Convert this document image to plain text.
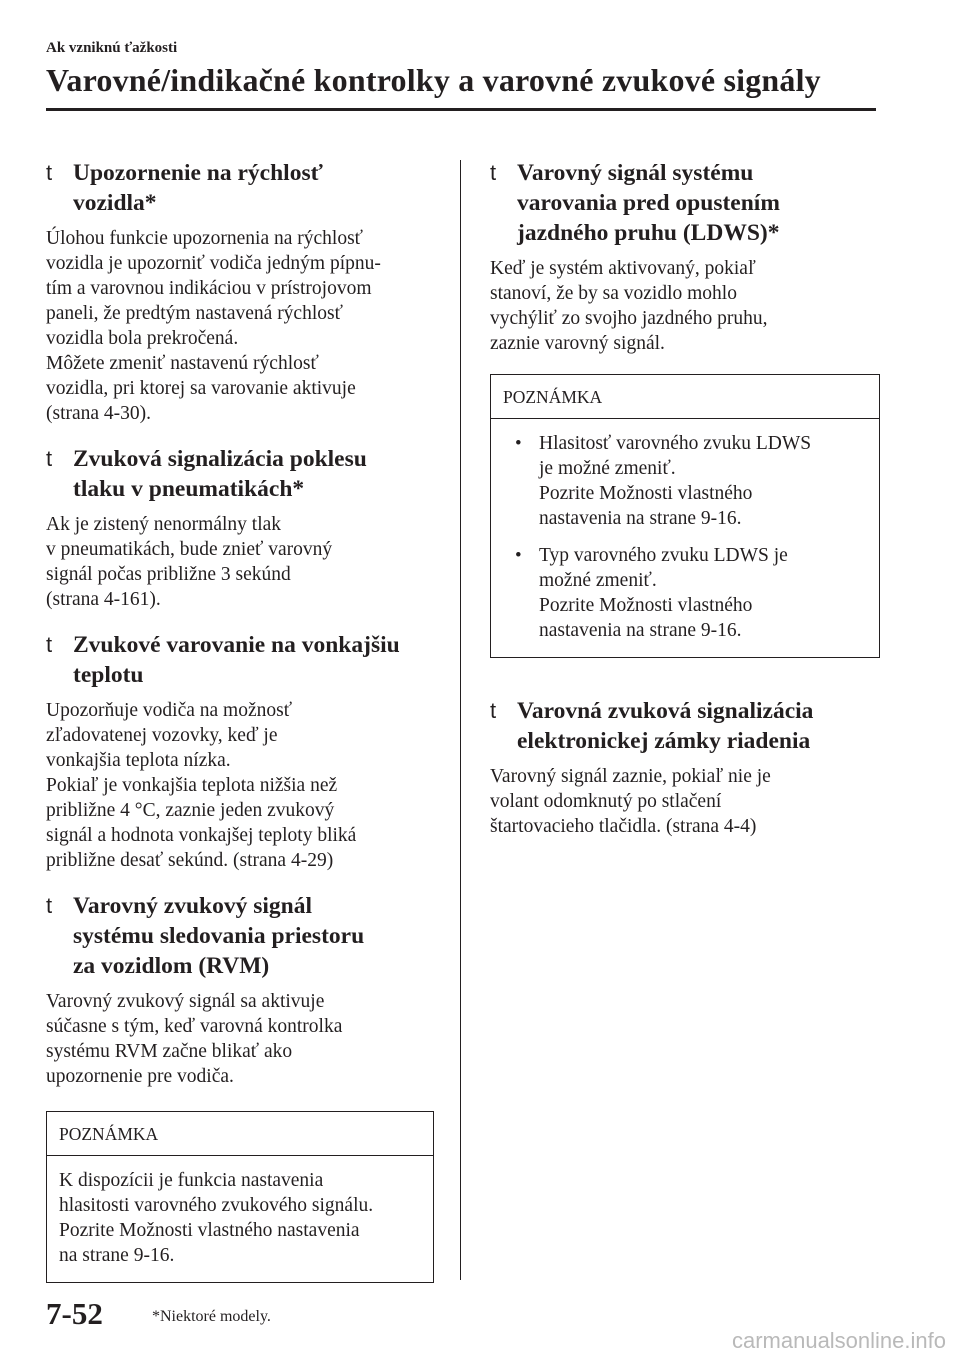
Ak vzniknú ťažkosti
Varovné/indikačné kontrolky a varovné zvukové signály
t Upozornenie na rýchlosť
vozidla*

Úlohou funkcie upozornenia na rýchlosť

vozidla je upozorniť vodiča jedným pípnu-

tím a varovnou indikáciou v prístrojovom

paneli, že predtým nastavená rýchlosť

vozidla bola prekročená.

Môžete zmeniť nastavenú rýchlosť

vozidla, pri ktorej sa varovanie aktivuje

(strana 4-30).

t Zvuková signalizácia poklesu
tlaku v pneumatikách*

Ak je zistený nenormálny tlak

v pneumatikách, bude znieť varovný

signál počas približne 3 sekúnd

(strana 4-161).

t Zvukové varovanie na vonkajšiu
teplotu

Upozorňuje vodiča na možnosť

zľadovatenej vozovky, keď je

vonkajšia teplota nízka.

Pokiaľ je vonkajšia teplota nižšia než

približne 4 °C, zaznie jeden zvukový

signál a hodnota vonkajšej teploty bliká

približne desať sekúnd. (strana 4-29)

t Varovný zvukový signál
systému sledovania priestoru
za vozidlom (RVM)

Varovný zvukový signál sa aktivuje

súčasne s tým, keď varovná kontrolka

systému RVM začne blikať ako

upozornenie pre vodiča.

POZNÁMKA

K dispozícii je funkcia nastavenia

hlasitosti varovného zvukového signálu.

Pozrite Možnosti vlastného nastavenia

na strane 9-16.

t Varovný signál systému
varovania pred opustením
jazdného pruhu (LDWS)*

Keď je systém aktivovaný, pokiaľ

stanoví, že by sa vozidlo mohlo

vychýliť zo svojho jazdného pruhu,

zaznie varovný signál.

POZNÁMKA
• Hlasitosť varovného zvuku LDWS

je možné zmeniť.

Pozrite Možnosti vlastného

nastavenia na strane 9-16.

• Typ varovného zvuku LDWS je

možné zmeniť.

Pozrite Možnosti vlastného

nastavenia na strane 9-16.

t Varovná zvuková signalizácia
elektronickej zámky riadenia

Varovný signál zaznie, pokiaľ nie je

volant odomknutý po stlačení

štartovacieho tlačidla. (strana 4-4)

7-52	*Niektoré modely.
carmanualsonline.info
